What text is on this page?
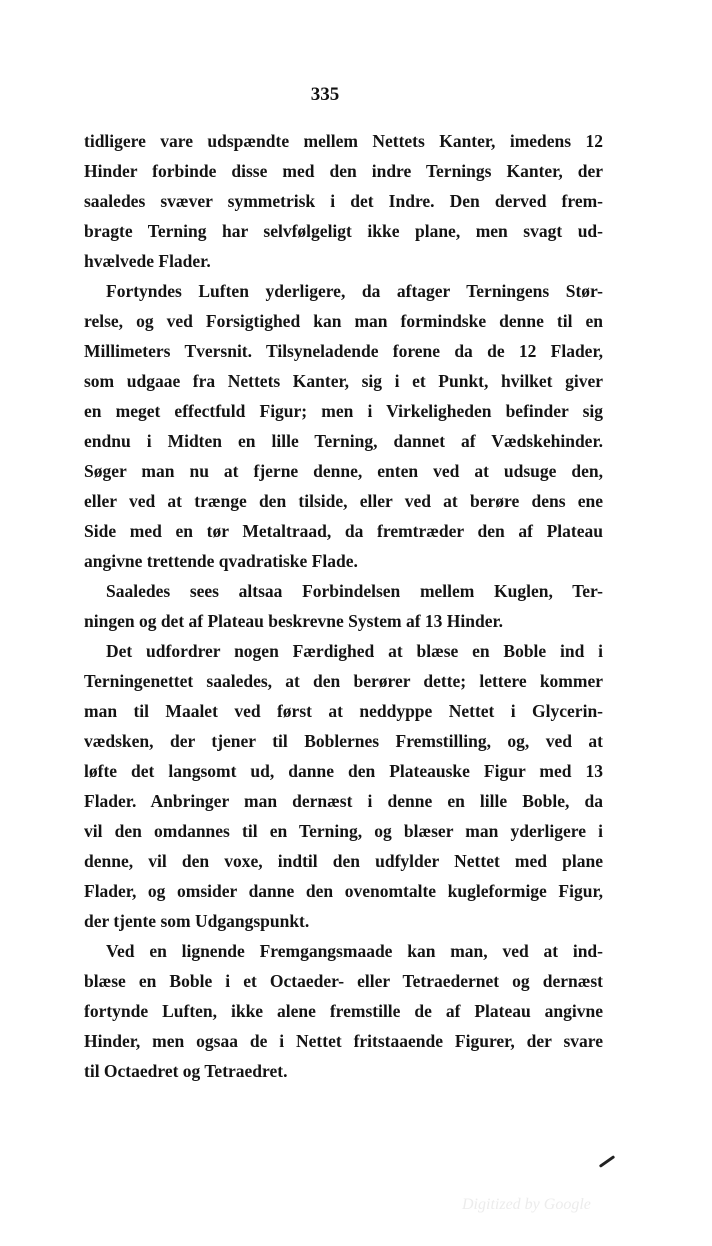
335
tidligere vare udspændte mellem Nettets Kanter, imedens 12
Hinder forbinde disse med den indre Ternings Kanter, der
saaledes svæver symmetrisk i det Indre. Den derved frem-
bragte Terning har selvfølgeligt ikke plane, men svagt ud-
hvælvede Flader.
Fortyndes Luften yderligere, da aftager Terningens Stør-
relse, og ved Forsigtighed kan man formindske denne til en
Millimeters Tversnit. Tilsyneladende forene da de 12 Flader,
som udgaae fra Nettets Kanter, sig i et Punkt, hvilket giver
en meget effectfuld Figur; men i Virkeligheden befinder sig
endnu i Midten en lille Terning, dannet af Vædskehinder.
Søger man nu at fjerne denne, enten ved at udsuge den,
eller ved at trænge den tilside, eller ved at berøre dens ene
Side med en tør Metaltraad, da fremtræder den af Plateau
angivne trettende qvadratiske Flade.
Saaledes sees altsaa Forbindelsen mellem Kuglen, Ter-
ningen og det af Plateau beskrevne System af 13 Hinder.
Det udfordrer nogen Færdighed at blæse en Boble ind i
Terningenettet saaledes, at den berører dette; lettere kommer
man til Maalet ved først at neddyppe Nettet i Glycerin-
vædsken, der tjener til Boblernes Fremstilling, og, ved at
løfte det langsomt ud, danne den Plateauske Figur med 13
Flader. Anbringer man dernæst i denne en lille Boble, da
vil den omdannes til en Terning, og blæser man yderligere i
denne, vil den voxe, indtil den udfylder Nettet med plane
Flader, og omsider danne den ovenomtalte kugleformige Figur,
der tjente som Udgangspunkt.
Ved en lignende Fremgangsmaade kan man, ved at ind-
blæse en Boble i et Octaeder- eller Tetraedernet og dernæst
fortynde Luften, ikke alene fremstille de af Plateau angivne
Hinder, men ogsaa de i Nettet fritstaaende Figurer, der svare
til Octaedret og Tetraedret.
Digitized by Google
